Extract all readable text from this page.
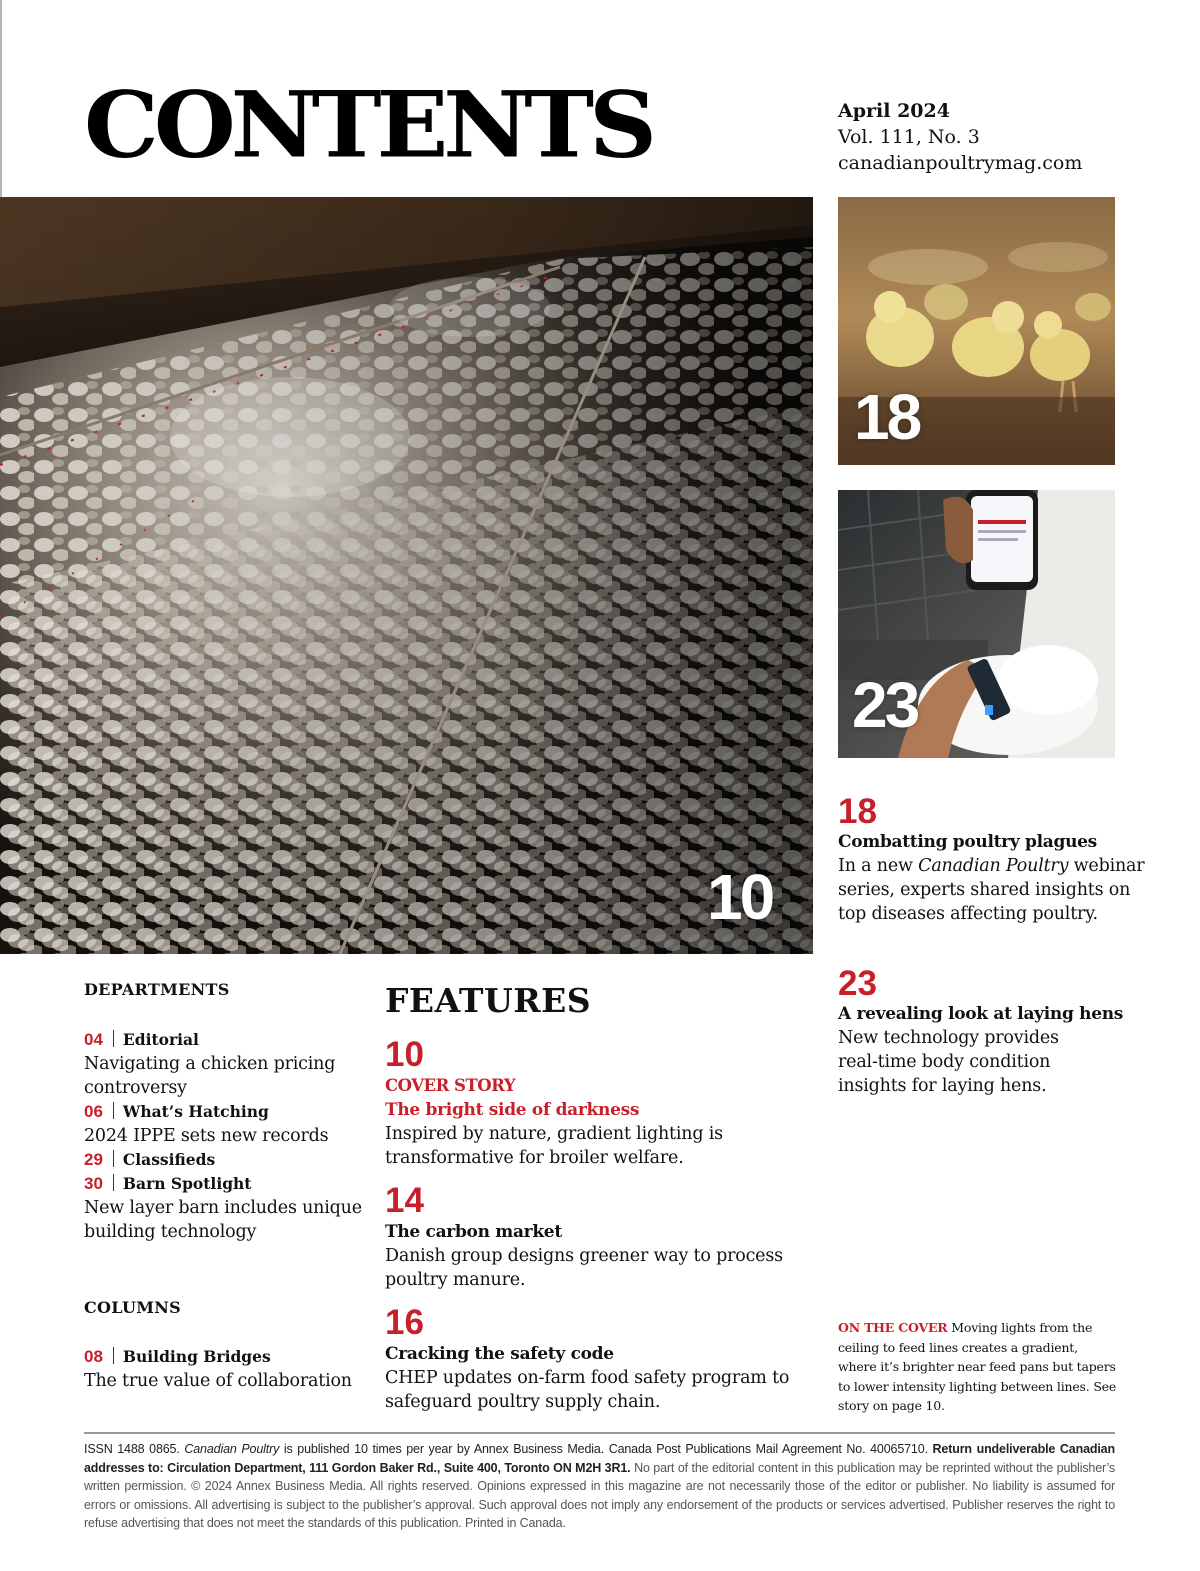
CONTENTS	April 2024
Vol. 111, No. 3
canadianpoultrymag.com
10
18
23
18
Combatting poultry plagues
In a new Canadian Poultry webinar series, experts shared insights on top diseases affecting poultry.
23
A revealing look at laying hens
New technology provides real-time body condition insights for laying hens.
DEPARTMENTS
04 Editorial
Navigating a chicken pricing controversy
06 What’s Hatching
2024 IPPE sets new records
29 Classifieds
30 Barn Spotlight
New layer barn includes unique building technology
COLUMNS
08 Building Bridges
The true value of collaboration
FEATURES
10
COVER STORY
The bright side of darkness
Inspired by nature, gradient lighting is transformative for broiler welfare.
14
The carbon market
Danish group designs greener way to process poultry manure.
16
Cracking the safety code
CHEP updates on-farm food safety program to safeguard poultry supply chain.
ON THE COVER Moving lights from the ceiling to feed lines creates a gradient, where it’s brighter near feed pans but tapers to lower intensity lighting between lines. See story on page 10.
ISSN 1488 0865. Canadian Poultry is published 10 times per year by Annex Business Media. Canada Post Publications Mail Agreement No. 40065710. Return undeliverable Canadian addresses to: Circulation Department, 111 Gordon Baker Rd., Suite 400, Toronto ON M2H 3R1. No part of the editorial content in this publication may be reprinted without the publisher’s written permission. © 2024 Annex Business Media. All rights reserved. Opinions expressed in this magazine are not necessarily those of the editor or publisher. No liability is assumed for errors or omissions. All advertising is subject to the publisher’s approval. Such approval does not imply any endorsement of the products or services advertised. Publisher reserves the right to refuse advertising that does not meet the standards of this publication. Printed in Canada.
